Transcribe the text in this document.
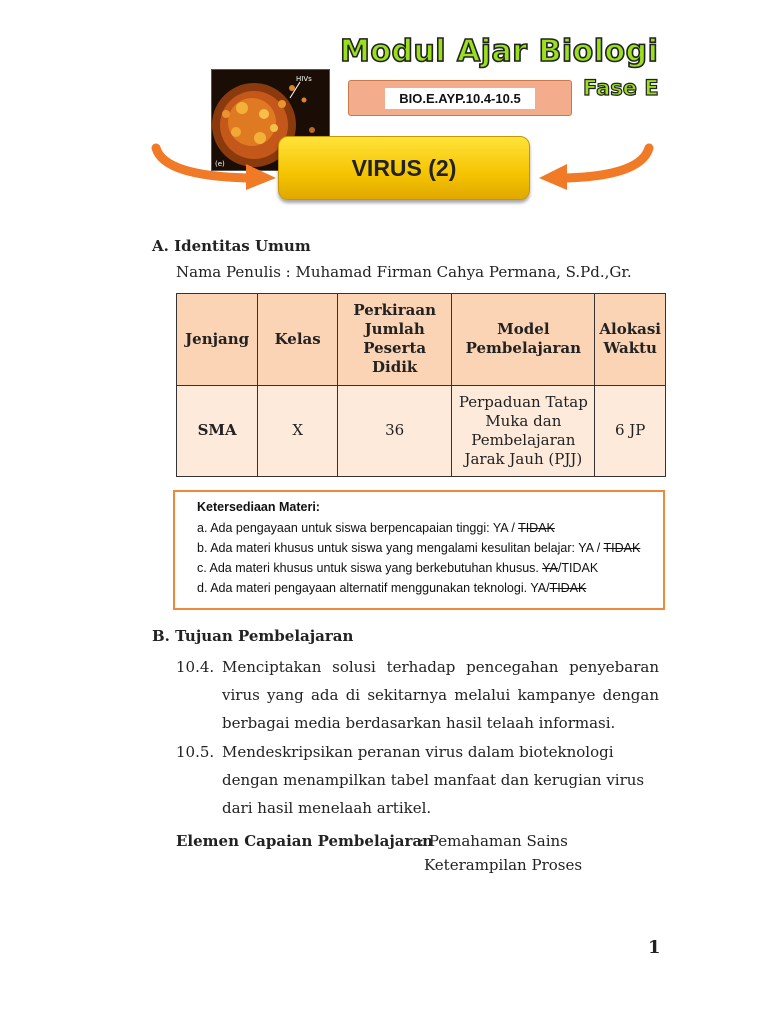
HIVs
(e)
Modul Ajar Biologi
Fase E
BIO.E.AYP.10.4-10.5
VIRUS (2)
A. Identitas Umum
Nama Penulis : Muhamad Firman Cahya Permana, S.Pd.,Gr.
Jenjang	Kelas	Perkiraan Jumlah Peserta Didik	Model Pembelajaran	Alokasi Waktu
SMA	X	36	Perpaduan Tatap Muka dan Pembelajaran Jarak Jauh (PJJ)	6 JP
Ketersediaan Materi:
a. Ada pengayaan untuk siswa berpencapaian tinggi: YA / TIDAK
b. Ada materi khusus untuk siswa yang mengalami kesulitan belajar: YA / TIDAK
c. Ada materi khusus untuk siswa yang berkebutuhan khusus. YA/TIDAK
d. Ada materi pengayaan alternatif menggunakan teknologi. YA/TIDAK
B. Tujuan Pembelajaran
10.4. Menciptakan solusi terhadap pencegahan penyebaran virus yang ada di sekitarnya melalui kampanye dengan berbagai media berdasarkan hasil telaah informasi.
10.5. Mendeskripsikan peranan virus dalam bioteknologi dengan menampilkan tabel manfaat dan kerugian virus dari hasil menelaah artikel.
Elemen Capaian Pembelajaran
: Pemahaman Sains
Keterampilan Proses
1
